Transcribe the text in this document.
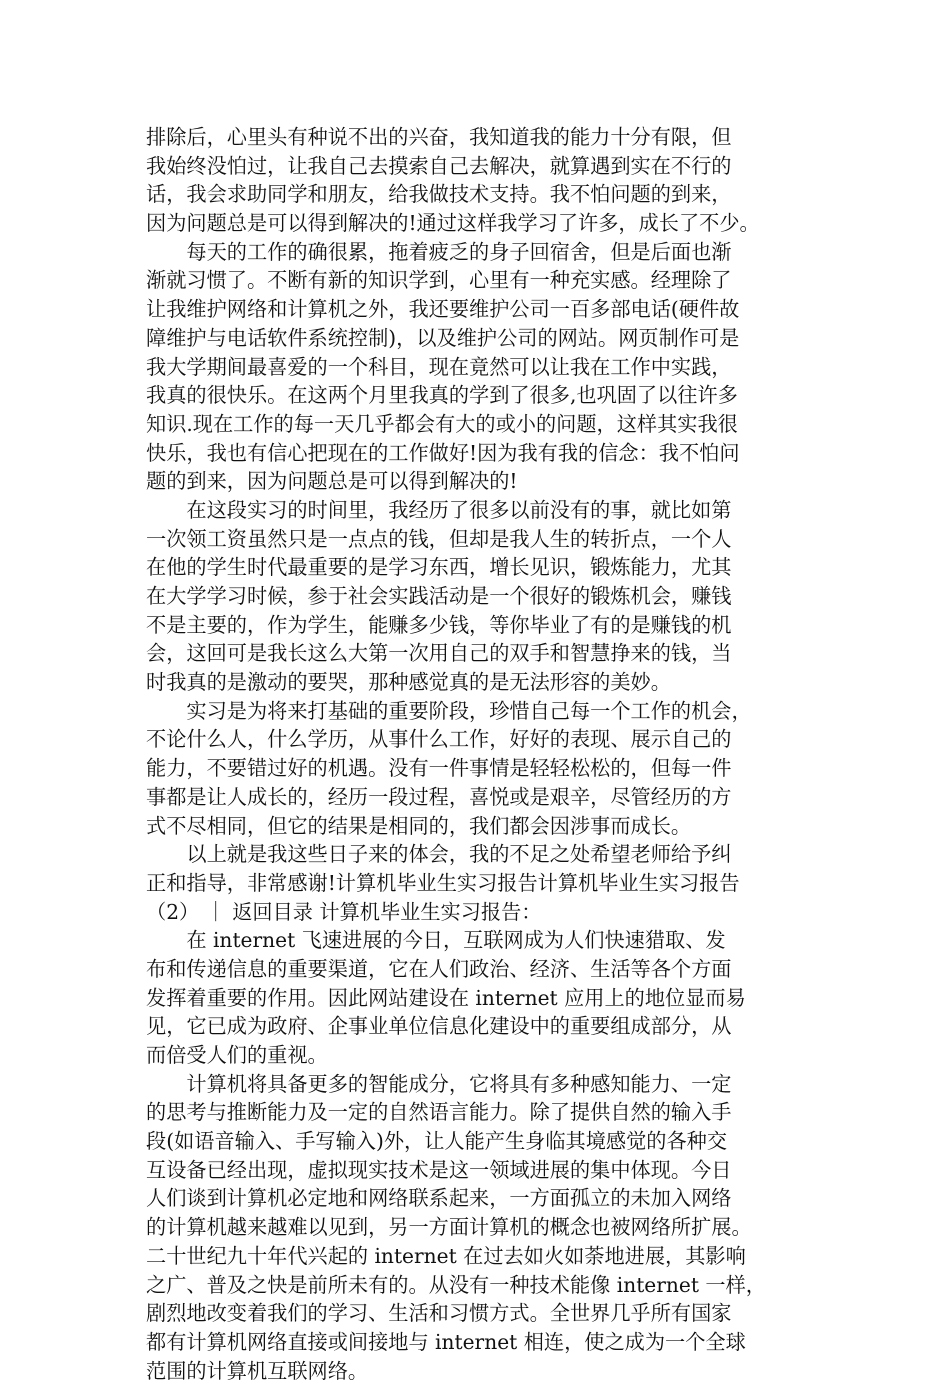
排除后，心里头有种说不出的兴奋，我知道我的能力十分有限，但
我始终没怕过，让我自己去摸索自己去解决，就算遇到实在不行的
话，我会求助同学和朋友，给我做技术支持。我不怕问题的到来，
因为问题总是可以得到解决的!通过这样我学习了许多，成长了不少。
　　每天的工作的确很累，拖着疲乏的身子回宿舍，但是后面也渐
渐就习惯了。不断有新的知识学到，心里有一种充实感。经理除了
让我维护网络和计算机之外，我还要维护公司一百多部电话(硬件故
障维护与电话软件系统控制)，以及维护公司的网站。网页制作可是
我大学期间最喜爱的一个科目，现在竟然可以让我在工作中实践，
我真的很快乐。在这两个月里我真的学到了很多,也巩固了以往许多
知识.现在工作的每一天几乎都会有大的或小的问题，这样其实我很
快乐，我也有信心把现在的工作做好!因为我有我的信念：我不怕问
题的到来，因为问题总是可以得到解决的!
　　在这段实习的时间里，我经历了很多以前没有的事，就比如第
一次领工资虽然只是一点点的钱，但却是我人生的转折点，一个人
在他的学生时代最重要的是学习东西，增长见识，锻炼能力，尤其
在大学学习时候，参于社会实践活动是一个很好的锻炼机会，赚钱
不是主要的，作为学生，能赚多少钱，等你毕业了有的是赚钱的机
会，这回可是我长这么大第一次用自己的双手和智慧挣来的钱，当
时我真的是激动的要哭，那种感觉真的是无法形容的美妙。
　　实习是为将来打基础的重要阶段，珍惜自己每一个工作的机会，
不论什么人，什么学历，从事什么工作，好好的表现、展示自己的
能力，不要错过好的机遇。没有一件事情是轻轻松松的，但每一件
事都是让人成长的，经历一段过程，喜悦或是艰辛，尽管经历的方
式不尽相同，但它的结果是相同的，我们都会因涉事而成长。
　　以上就是我这些日子来的体会，我的不足之处希望老师给予纠
正和指导，非常感谢!计算机毕业生实习报告计算机毕业生实习报告
（2） ｜ 返回目录 计算机毕业生实习报告：
　　在 internet 飞速进展的今日，互联网成为人们快速猎取、发
布和传递信息的重要渠道，它在人们政治、经济、生活等各个方面
发挥着重要的作用。因此网站建设在 internet 应用上的地位显而易
见，它已成为政府、企事业单位信息化建设中的重要组成部分，从
而倍受人们的重视。
　　计算机将具备更多的智能成分，它将具有多种感知能力、一定
的思考与推断能力及一定的自然语言能力。除了提供自然的输入手
段(如语音输入、手写输入)外，让人能产生身临其境感觉的各种交
互设备已经出现，虚拟现实技术是这一领域进展的集中体现。今日
人们谈到计算机必定地和网络联系起来，一方面孤立的未加入网络
的计算机越来越难以见到，另一方面计算机的概念也被网络所扩展。
二十世纪九十年代兴起的 internet 在过去如火如荼地进展，其影响
之广、普及之快是前所未有的。从没有一种技术能像 internet 一样，
剧烈地改变着我们的学习、生活和习惯方式。全世界几乎所有国家
都有计算机网络直接或间接地与 internet 相连，使之成为一个全球
范围的计算机互联网络。
